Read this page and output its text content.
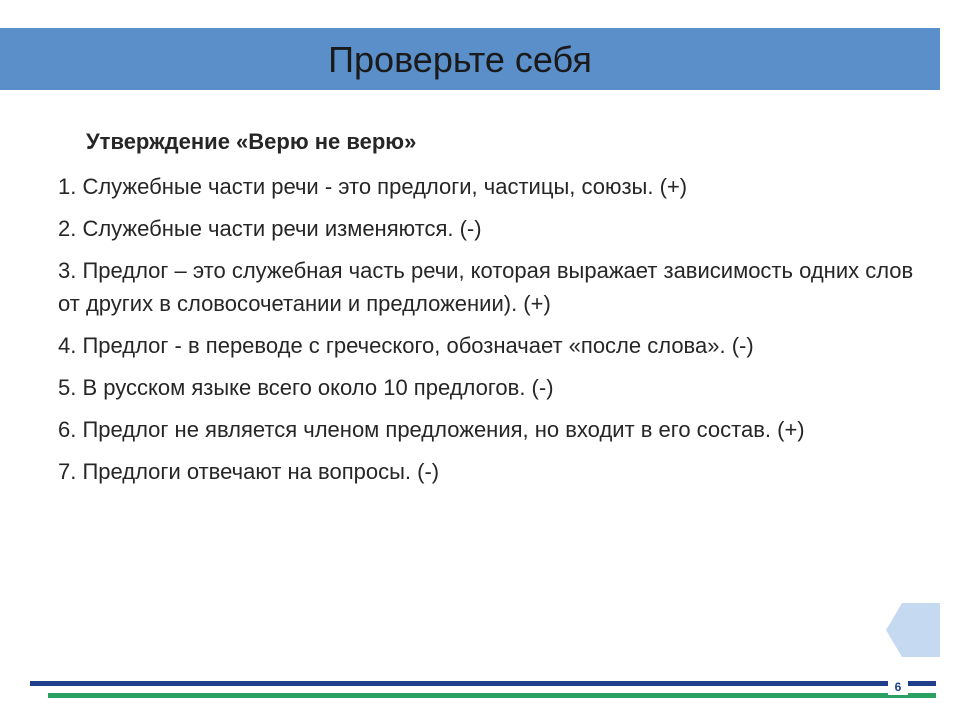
Проверьте себя
Утверждение «Верю не верю»
1. Служебные части речи - это предлоги, частицы, союзы. (+)
2. Служебные части речи изменяются. (-)
3. Предлог – это служебная часть речи, которая выражает зависимость одних слов от других в словосочетании и предложении). (+)
4. Предлог - в переводе с греческого, обозначает «после слова». (-)
5. В русском языке всего около 10 предлогов. (-)
6. Предлог не является членом предложения, но входит в его состав. (+)
7. Предлоги отвечают на вопросы. (-)
6
